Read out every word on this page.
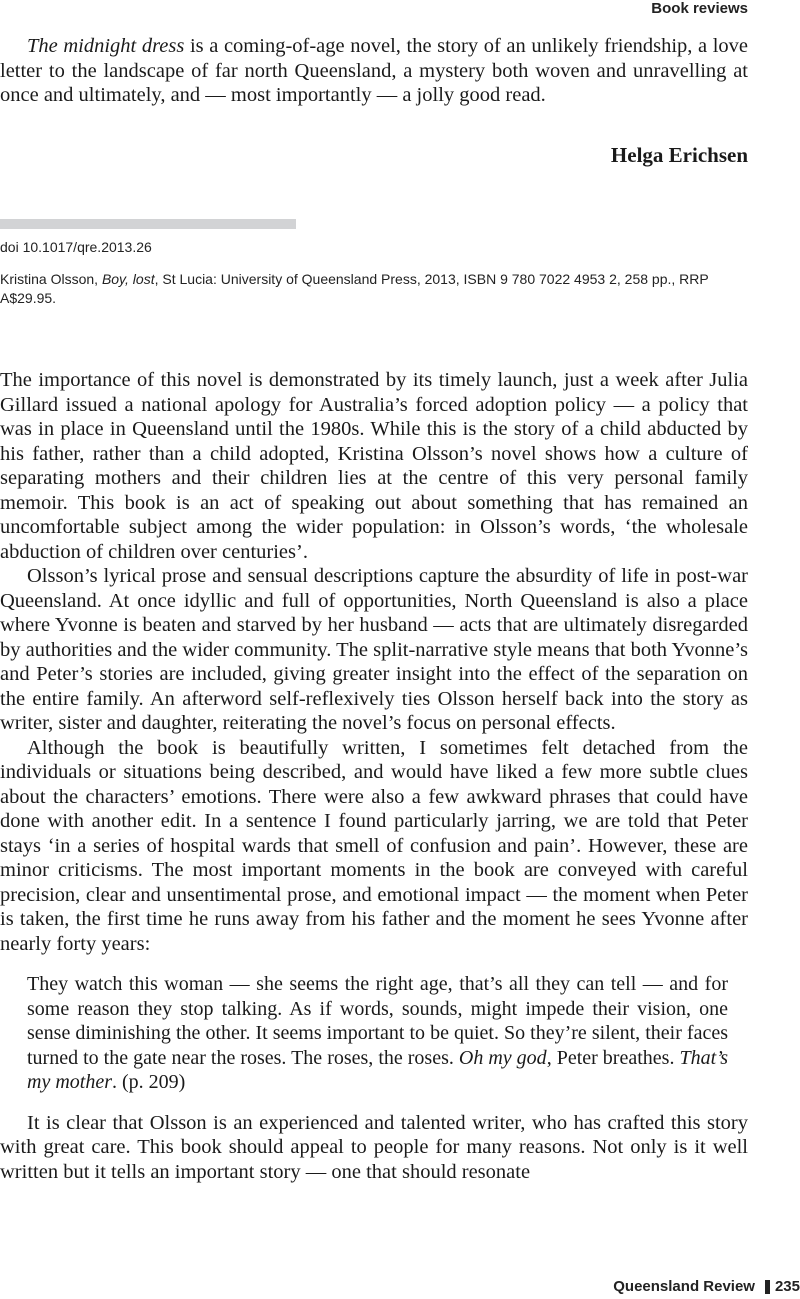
Book reviews

The midnight dress is a coming-of-age novel, the story of an unlikely friendship, a love letter to the landscape of far north Queensland, a mystery both woven and unravelling at once and ultimately, and — most importantly — a jolly good read.

Helga Erichsen
doi 10.1017/qre.2013.26
Kristina Olsson, Boy, lost, St Lucia: University of Queensland Press, 2013, ISBN 9 780 7022 4953 2, 258 pp., RRP A$29.95.

The importance of this novel is demonstrated by its timely launch, just a week after Julia Gillard issued a national apology for Australia’s forced adoption policy — a policy that was in place in Queensland until the 1980s. While this is the story of a child abducted by his father, rather than a child adopted, Kristina Olsson’s novel shows how a culture of separating mothers and their children lies at the centre of this very personal family memoir. This book is an act of speaking out about something that has remained an uncomfortable subject among the wider population: in Olsson’s words, ‘the wholesale abduction of children over centuries’.

Olsson’s lyrical prose and sensual descriptions capture the absurdity of life in post-war Queensland. At once idyllic and full of opportunities, North Queensland is also a place where Yvonne is beaten and starved by her husband — acts that are ultimately disregarded by authorities and the wider community. The split-narrative style means that both Yvonne’s and Peter’s stories are included, giving greater insight into the effect of the separation on the entire family. An afterword self-reflexively ties Olsson herself back into the story as writer, sister and daughter, reiterating the novel’s focus on personal effects.

Although the book is beautifully written, I sometimes felt detached from the individuals or situations being described, and would have liked a few more subtle clues about the characters’ emotions. There were also a few awkward phrases that could have done with another edit. In a sentence I found particularly jarring, we are told that Peter stays ‘in a series of hospital wards that smell of confusion and pain’. However, these are minor criticisms. The most important moments in the book are conveyed with careful precision, clear and unsentimental prose, and emotional impact — the moment when Peter is taken, the first time he runs away from his father and the moment he sees Yvonne after nearly forty years:

They watch this woman — she seems the right age, that’s all they can tell — and for some reason they stop talking. As if words, sounds, might impede their vision, one sense diminishing the other. It seems important to be quiet. So they’re silent, their faces turned to the gate near the roses. The roses, the roses. Oh my god, Peter breathes. That’s my mother. (p. 209)

It is clear that Olsson is an experienced and talented writer, who has crafted this story with great care. This book should appeal to people for many reasons. Not only is it well written but it tells an important story — one that should resonate

Queensland Review 235
